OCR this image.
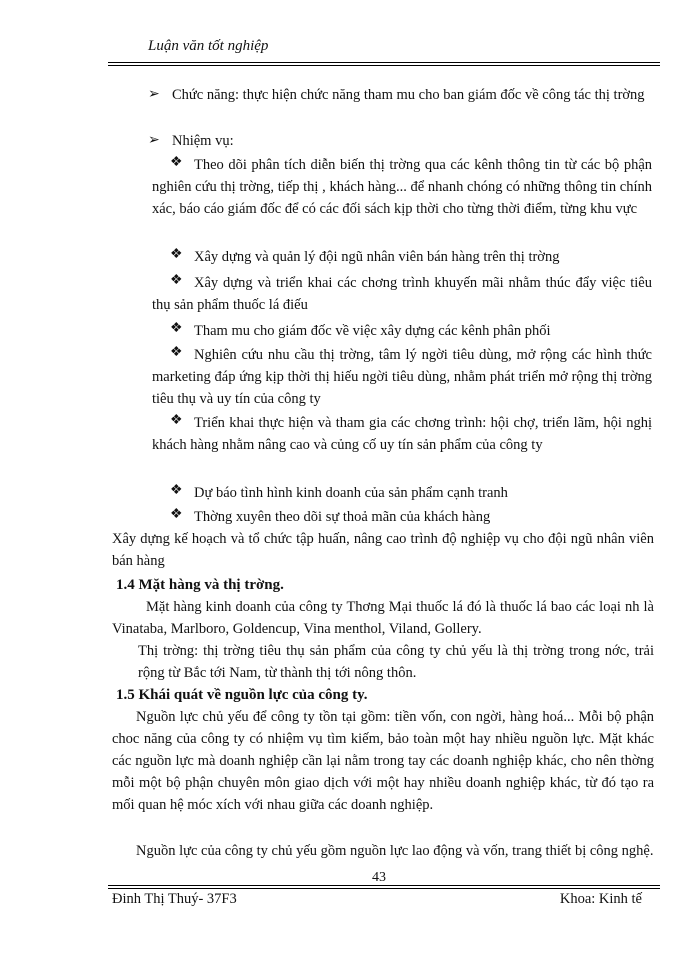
Luận văn tốt nghiệp
➢ Chức năng: thực hiện chức năng tham mu cho ban giám đốc về công tác thị trờng
➢ Nhiệm vụ:
❖ Theo dõi phân tích diễn biến thị trờng qua các kênh thông tin từ các bộ phận nghiên cứu thị trờng, tiếp thị , khách hàng... để nhanh chóng có những thông tin chính xác, báo cáo giám đốc để có các đối sách kịp thời cho từng thời điểm, từng khu vực
❖ Xây dựng và quản lý đội ngũ nhân viên bán hàng trên thị trờng
❖ Xây dựng và triển khai các chơng trình khuyến mãi nhằm thúc đẩy việc tiêu thụ sản phẩm thuốc lá điếu
❖ Tham mu cho giám đốc về việc xây dựng các kênh phân phối
❖ Nghiên cứu nhu cầu thị trờng, tâm lý ngời tiêu dùng, mở rộng các hình thức marketing đáp ứng kịp thời thị hiếu ngời tiêu dùng, nhằm phát triển mở rộng thị trờng tiêu thụ và uy tín của công ty
❖ Triển khai thực hiện và tham gia các chơng trình: hội chợ, triển lãm, hội nghị khách hàng nhằm nâng cao và củng cố uy tín sản phẩm của công ty
❖ Dự báo tình hình kinh doanh của sản phẩm cạnh tranh
❖ Thờng xuyên theo dõi sự thoả mãn của khách hàng
Xây dựng kế hoạch và tổ chức tập huấn, nâng cao trình độ nghiệp vụ cho đội ngũ nhân viên bán hàng
1.4 Mặt hàng và thị trờng.
Mặt hàng kinh doanh của công ty Thơng Mại thuốc lá đó là thuốc lá bao các loại nh là Vinataba, Marlboro, Goldencup, Vina menthol, Viland, Gollery.
Thị trờng: thị trờng tiêu thụ sản phẩm của công ty chủ yếu là thị trờng trong nớc, trải rộng từ Bắc tới Nam, từ thành thị tới nông thôn.
1.5 Khái quát về nguồn lực của công ty.
Nguồn lực chủ yếu để công ty tồn tại gồm: tiền vốn, con ngời, hàng hoá... Mỗi bộ phận choc năng của công ty có nhiệm vụ tìm kiếm, bảo toàn một hay nhiều nguồn lực. Mặt khác các nguồn lực mà doanh nghiệp cần lại nằm trong tay các doanh nghiệp khác, cho nên thờng mỗi một bộ phận chuyên môn giao dịch với một hay nhiều doanh nghiệp khác, từ đó tạo ra mối quan hệ móc xích với nhau giữa các doanh nghiệp.
Nguồn lực của công ty chủ yếu gồm nguồn lực lao động và vốn, trang thiết bị công nghệ.
43
Đinh Thị Thuý- 37F3	Khoa: Kinh tế
